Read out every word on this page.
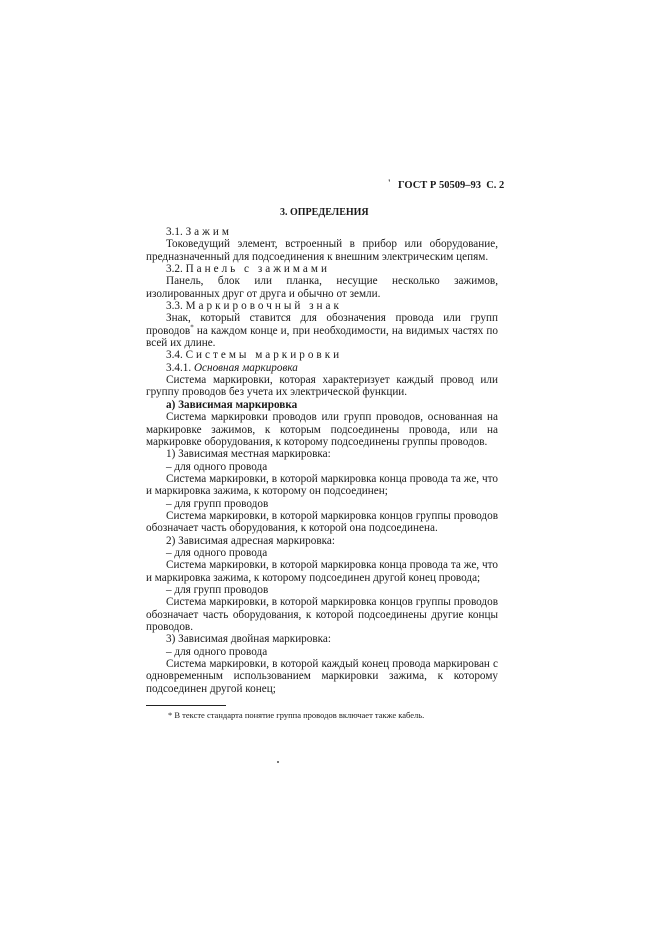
' ГОСТ Р 50509–93 С. 2
3. ОПРЕДЕЛЕНИЯ

3.1. Зажим

Токоведущий элемент, встроенный в прибор или оборудование, предназначенный для подсоединения к внешним электрическим цепям.

3.2. Панель с зажимами

Панель, блок или планка, несущие несколько зажимов, изолированных друг от друга и обычно от земли.

3.3. Маркировочный знак

Знак, который ставится для обозначения провода или групп проводов* на каждом конце и, при необходимости, на видимых частях по всей их длине.

3.4. Системы маркировки

3.4.1. Основная маркировка

Система маркировки, которая характеризует каждый провод или группу проводов без учета их электрической функции.

а) Зависимая маркировка

Система маркировки проводов или групп проводов, основанная на маркировке зажимов, к которым подсоединены провода, или на маркировке оборудования, к которому подсоединены группы проводов.

1) Зависимая местная маркировка:

– для одного провода

Система маркировки, в которой маркировка конца провода та же, что и маркировка зажима, к которому он подсоединен;

– для групп проводов

Система маркировки, в которой маркировка концов группы проводов обозначает часть оборудования, к которой она подсоединена.

2) Зависимая адресная маркировка:

– для одного провода

Система маркировки, в которой маркировка конца провода та же, что и маркировка зажима, к которому подсоединен другой конец провода;

– для групп проводов

Система маркировки, в которой маркировка концов группы проводов обозначает часть оборудования, к которой подсоединены другие концы проводов.

3) Зависимая двойная маркировка:

– для одного провода

Система маркировки, в которой каждый конец провода маркирован с одновременным использованием маркировки зажима, к которому подсоединен другой конец;

* В тексте стандарта понятие группа проводов включает также кабель.
